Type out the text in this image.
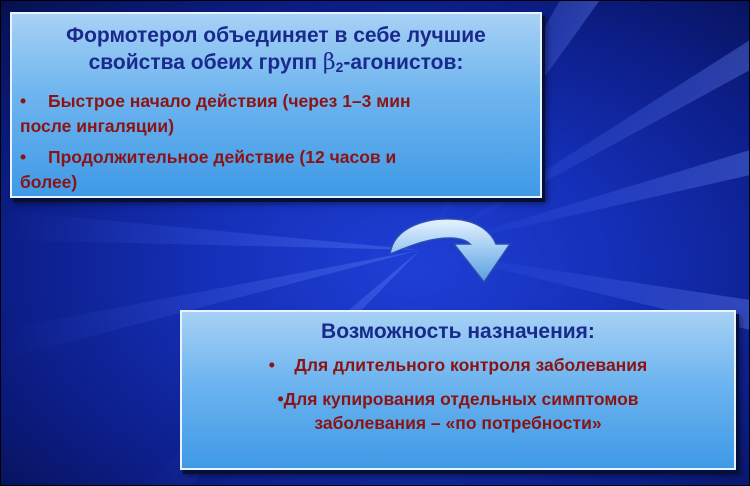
Формотерол объединяет в себе лучшие
свойства обеих групп $\beta_2$-агонистов:
• Быстрое начало действия (через 1–3 мин
после ингаляции)
• Продолжительное действие (12 часов и
более)
Возможность назначения:
• Для длительного контроля заболевания
•Для купирования отдельных симптомов
заболевания – «по потребности»
